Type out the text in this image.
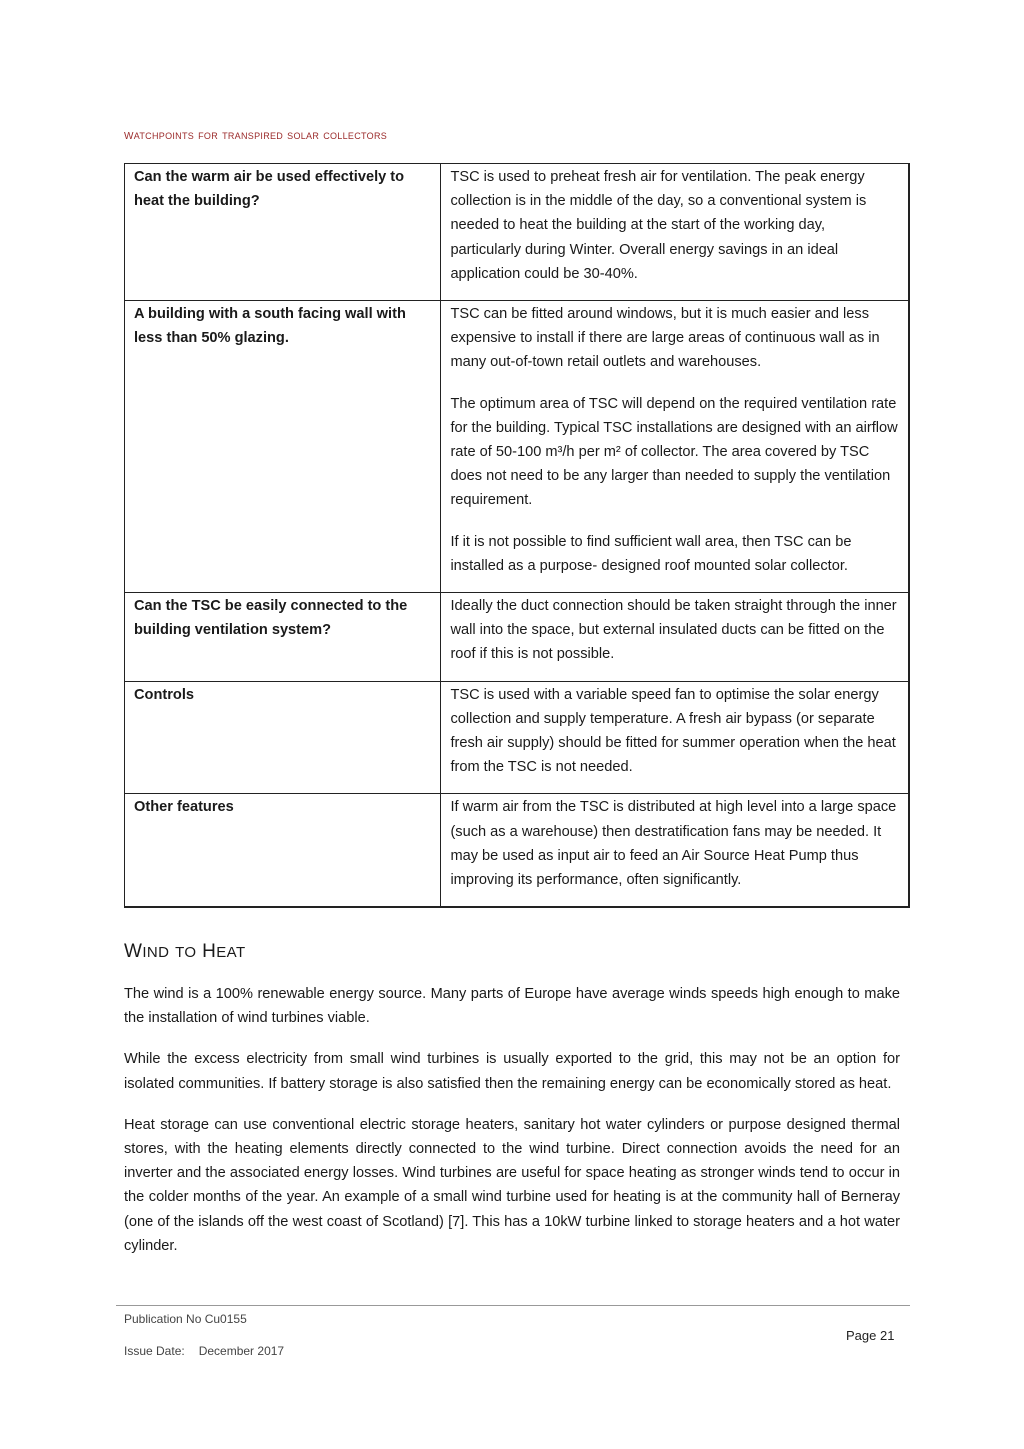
watchpoints for transpired solar collectors
Can the warm air be used effectively to heat the building?	TSC is used to preheat fresh air for ventilation. The peak energy collection is in the middle of the day, so a conventional system is needed to heat the building at the start of the working day, particularly during Winter. Overall energy savings in an ideal application could be 30-40%.

A building with a south facing wall with less than 50% glazing.	TSC can be fitted around windows, but it is much easier and less expensive to install if there are large areas of continuous wall as in many out-of-town retail outlets and warehouses.

The optimum area of TSC will depend on the required ventilation rate for the building. Typical TSC installations are designed with an airflow rate of 50-100 m³/h per m² of collector. The area covered by TSC does not need to be any larger than needed to supply the ventilation requirement.

If it is not possible to find sufficient wall area, then TSC can be installed as a purpose- designed roof mounted solar collector.

Can the TSC be easily connected to the building ventilation system?	Ideally the duct connection should be taken straight through the inner wall into the space, but external insulated ducts can be fitted on the roof if this is not possible.

Controls	TSC is used with a variable speed fan to optimise the solar energy collection and supply temperature. A fresh air bypass (or separate fresh air supply) should be fitted for summer operation when the heat from the TSC is not needed.

Other features	If warm air from the TSC is distributed at high level into a large space (such as a warehouse) then destratification fans may be needed. It may be used as input air to feed an Air Source Heat Pump thus improving its performance, often significantly.

WIND TO HEAT

The wind is a 100% renewable energy source. Many parts of Europe have average winds speeds high enough to make the installation of wind turbines viable.

While the excess electricity from small wind turbines is usually exported to the grid, this may not be an option for isolated communities. If battery storage is also satisfied then the remaining energy can be economically stored as heat.

Heat storage can use conventional electric storage heaters, sanitary hot water cylinders or purpose designed thermal stores, with the heating elements directly connected to the wind turbine. Direct connection avoids the need for an inverter and the associated energy losses. Wind turbines are useful for space heating as stronger winds tend to occur in the colder months of the year. An example of a small wind turbine used for heating is at the community hall of Berneray (one of the islands off the west coast of Scotland) [7]. This has a 10kW turbine linked to storage heaters and a hot water cylinder.

Publication No Cu0155
Issue Date: December 2017
Page 21
